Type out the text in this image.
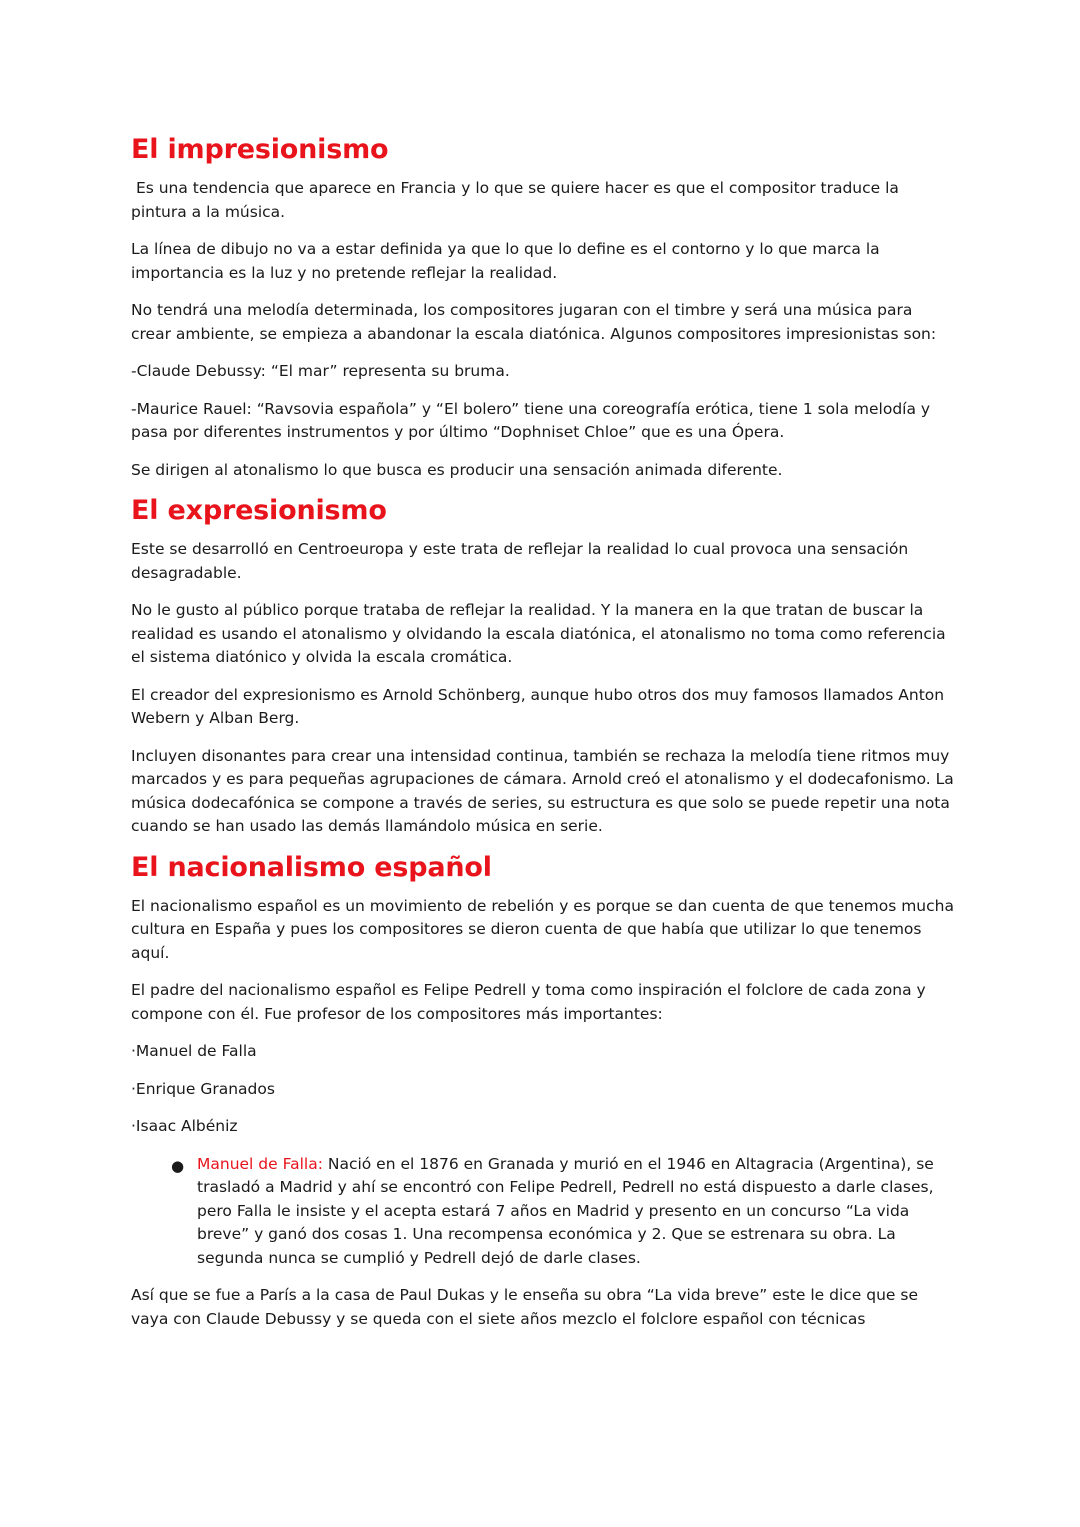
El impresionismo

Es una tendencia que aparece en Francia y lo que se quiere hacer es que el compositor traduce la pintura a la música.

La línea de dibujo no va a estar definida ya que lo que lo define es el contorno y lo que marca la importancia es la luz y no pretende reflejar la realidad.

No tendrá una melodía determinada, los compositores jugaran con el timbre y será una música para crear ambiente, se empieza a abandonar la escala diatónica. Algunos compositores impresionistas son:

-Claude Debussy: “El mar” representa su bruma.

-Maurice Rauel: “Ravsovia española” y “El bolero” tiene una coreografía erótica, tiene 1 sola melodía y pasa por diferentes instrumentos y por último “Dophniset Chloe” que es una Ópera.

Se dirigen al atonalismo lo que busca es producir una sensación animada diferente.

El expresionismo

Este se desarrolló en Centroeuropa y este trata de reflejar la realidad lo cual provoca una sensación desagradable.

No le gusto al público porque trataba de reflejar la realidad. Y la manera en la que tratan de buscar la realidad es usando el atonalismo y olvidando la escala diatónica, el atonalismo no toma como referencia el sistema diatónico y olvida la escala cromática.

El creador del expresionismo es Arnold Schönberg, aunque hubo otros dos muy famosos llamados Anton Webern y Alban Berg.

Incluyen disonantes para crear una intensidad continua, también se rechaza la melodía tiene ritmos muy marcados y es para pequeñas agrupaciones de cámara. Arnold creó el atonalismo y el dodecafonismo. La música dodecafónica se compone a través de series, su estructura es que solo se puede repetir una nota cuando se han usado las demás llamándolo música en serie.

El nacionalismo español

El nacionalismo español es un movimiento de rebelión y es porque se dan cuenta de que tenemos mucha cultura en España y pues los compositores se dieron cuenta de que había que utilizar lo que tenemos aquí.

El padre del nacionalismo español es Felipe Pedrell y toma como inspiración el folclore de cada zona y compone con él. Fue profesor de los compositores más importantes:

·Manuel de Falla

·Enrique Granados

·Isaac Albéniz

● Manuel de Falla: Nació en el 1876 en Granada y murió en el 1946 en Altagracia (Argentina), se trasladó a Madrid y ahí se encontró con Felipe Pedrell, Pedrell no está dispuesto a darle clases, pero Falla le insiste y el acepta estará 7 años en Madrid y presento en un concurso “La vida breve” y ganó dos cosas 1. Una recompensa económica y 2. Que se estrenara su obra. La segunda nunca se cumplió y Pedrell dejó de darle clases.

Así que se fue a París a la casa de Paul Dukas y le enseña su obra “La vida breve” este le dice que se vaya con Claude Debussy y se queda con el siete años mezclo el folclore español con técnicas
